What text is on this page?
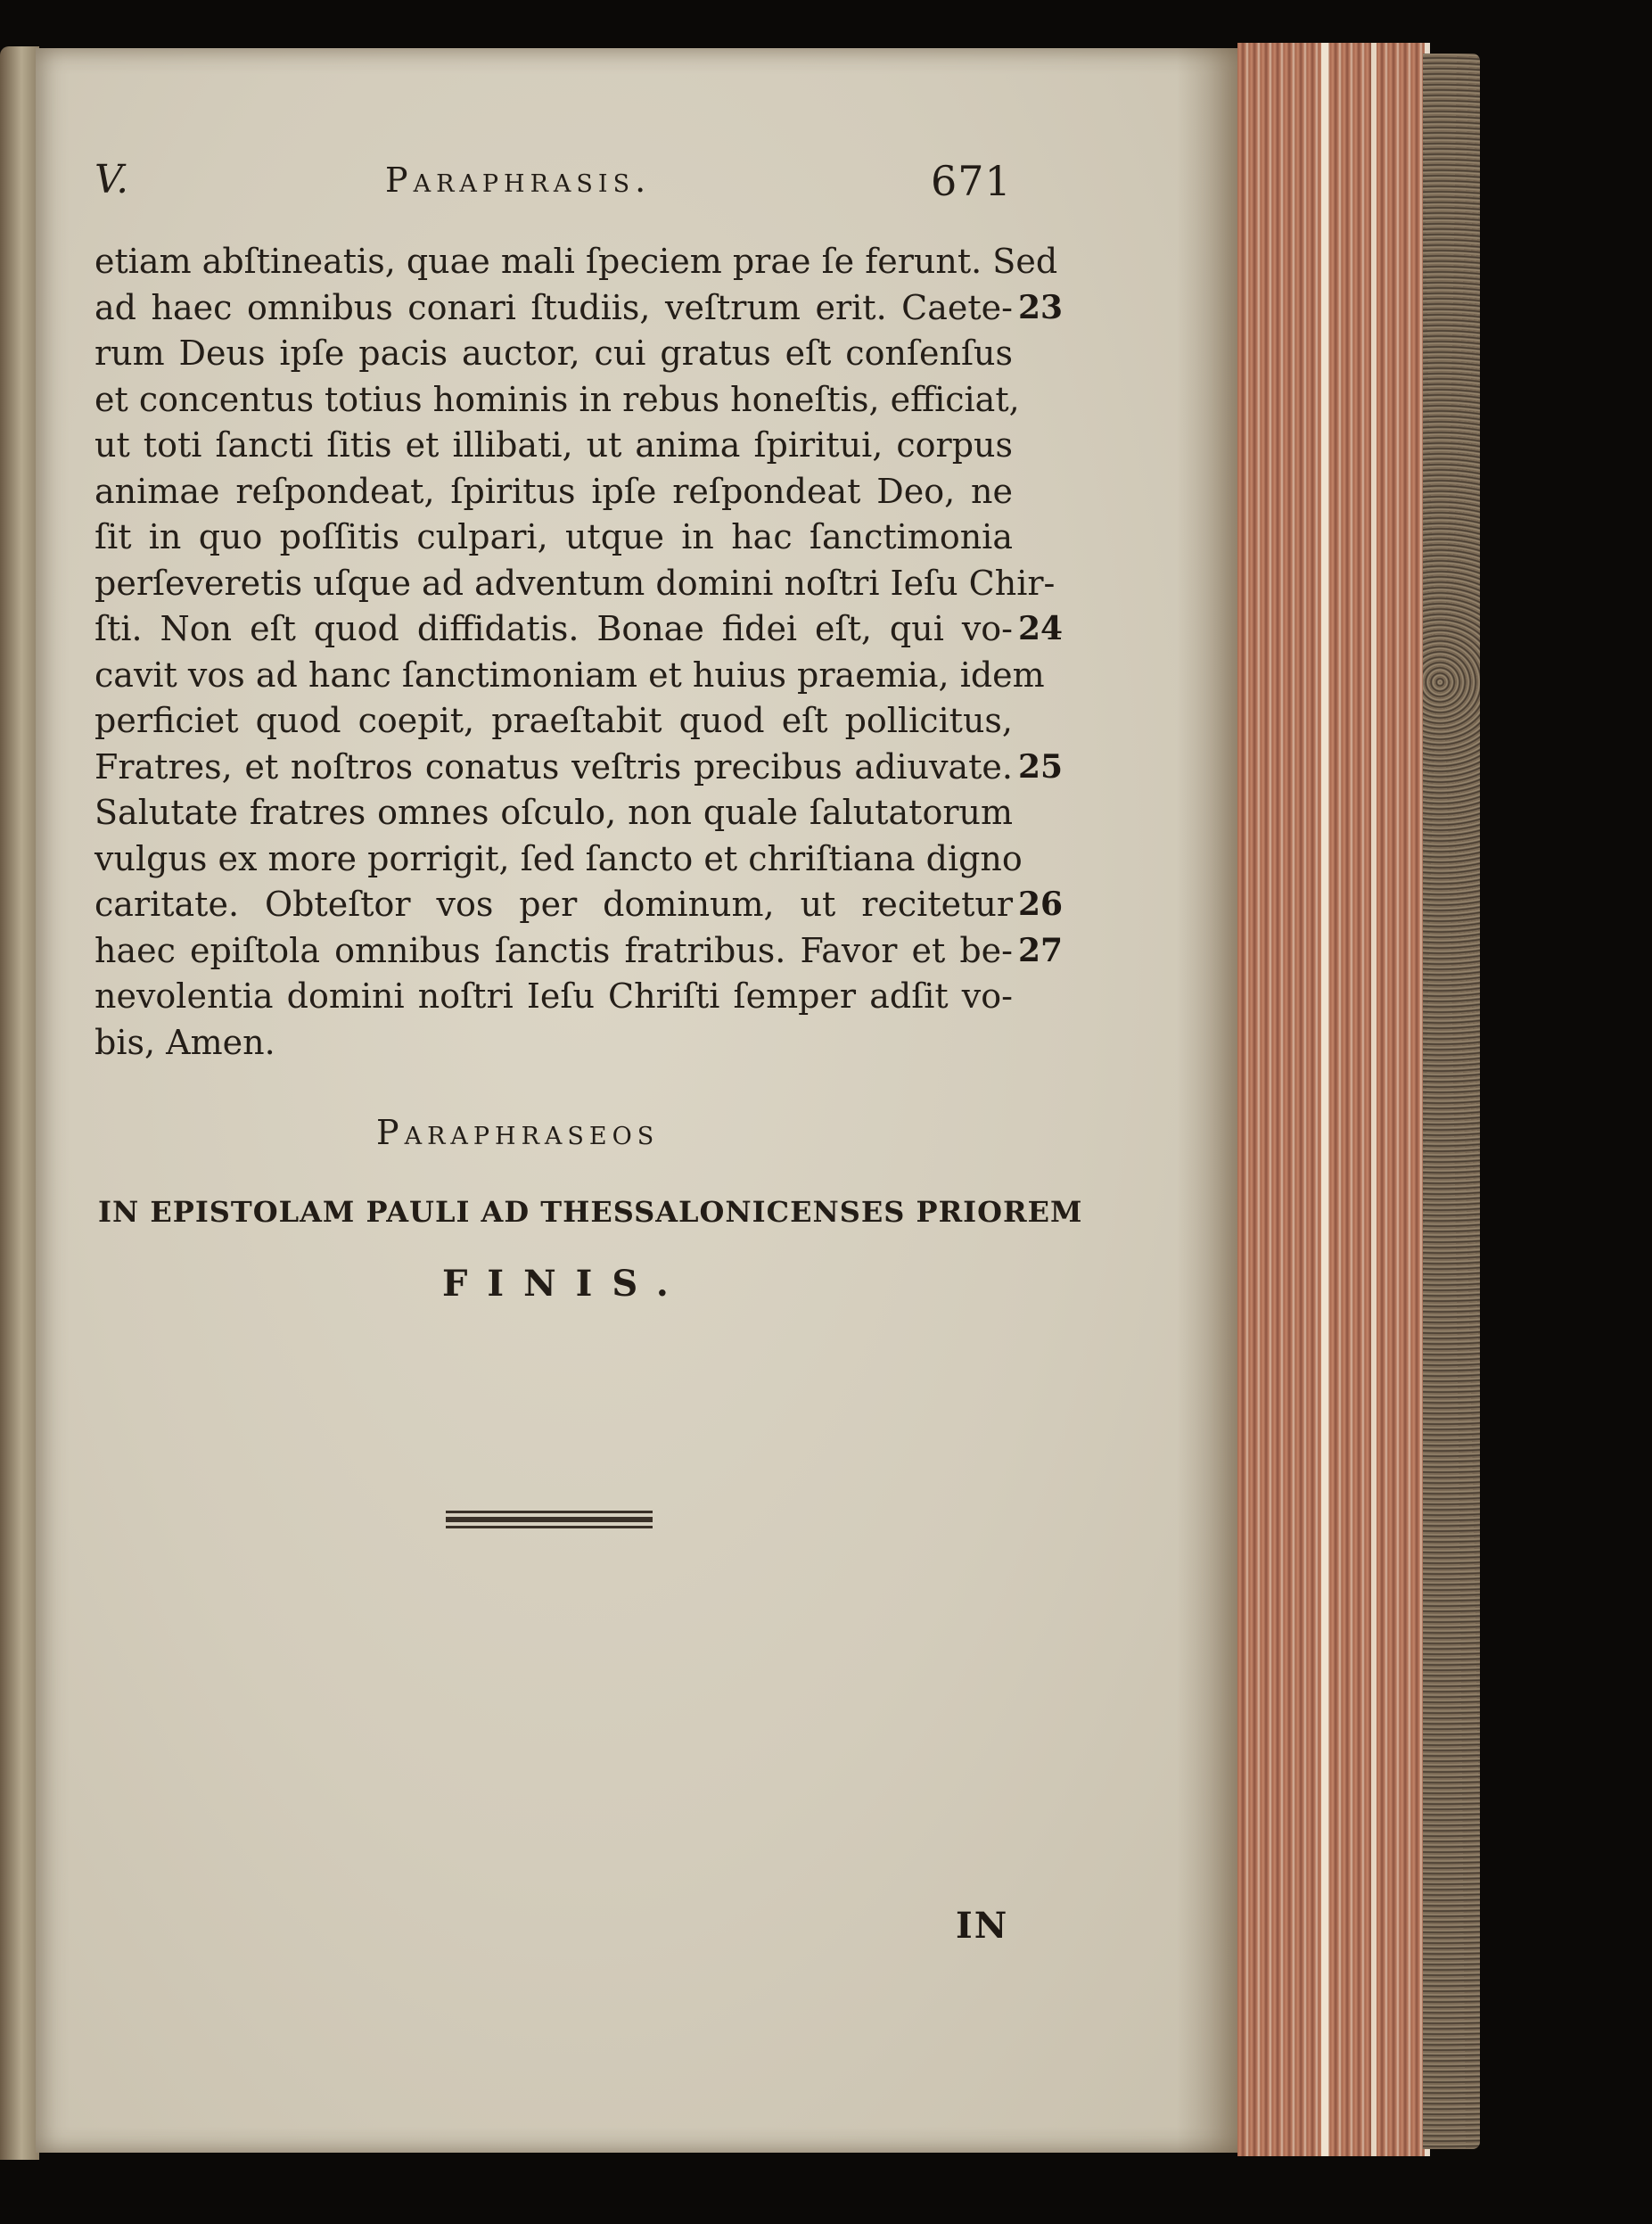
V.	Paraphrasis.	671
etiam abſtineatis, quae mali ſpeciem prae ſe ferunt. Sed
ad haec omnibus conari ſtudiis, veſtrum erit. Caete-
rum Deus ipſe pacis auctor, cui gratus eſt conſenſus
et concentus totius hominis in rebus honeſtis, efficiat,
ut toti ſancti ſitis et illibati, ut anima ſpiritui, corpus
animae reſpondeat, ſpiritus ipſe reſpondeat Deo, ne
ſit in quo poſſitis culpari, utque in hac ſanctimonia
perſeveretis uſque ad adventum domini noſtri Ieſu Chir-
ſti. Non eſt quod diffidatis. Bonae fidei eſt, qui vo-
cavit vos ad hanc ſanctimoniam et huius praemia, idem
perficiet quod coepit, praeſtabit quod eſt pollicitus,
Fratres, et noſtros conatus veſtris precibus adiuvate.
Salutate fratres omnes oſculo, non quale ſalutatorum
vulgus ex more porrigit, ſed ſancto et chriſtiana digno
caritate. Obteſtor vos per dominum, ut recitetur
haec epiſtola omnibus ſanctis fratribus. Favor et be-
nevolentia domini noſtri Ieſu Chriſti ſemper adſit vo-
bis, Amen.
23
24
25
26
27
Paraphraseos
IN EPISTOLAM PAULI AD THESSALONICENSES PRIOREM
FINIS.
IN
